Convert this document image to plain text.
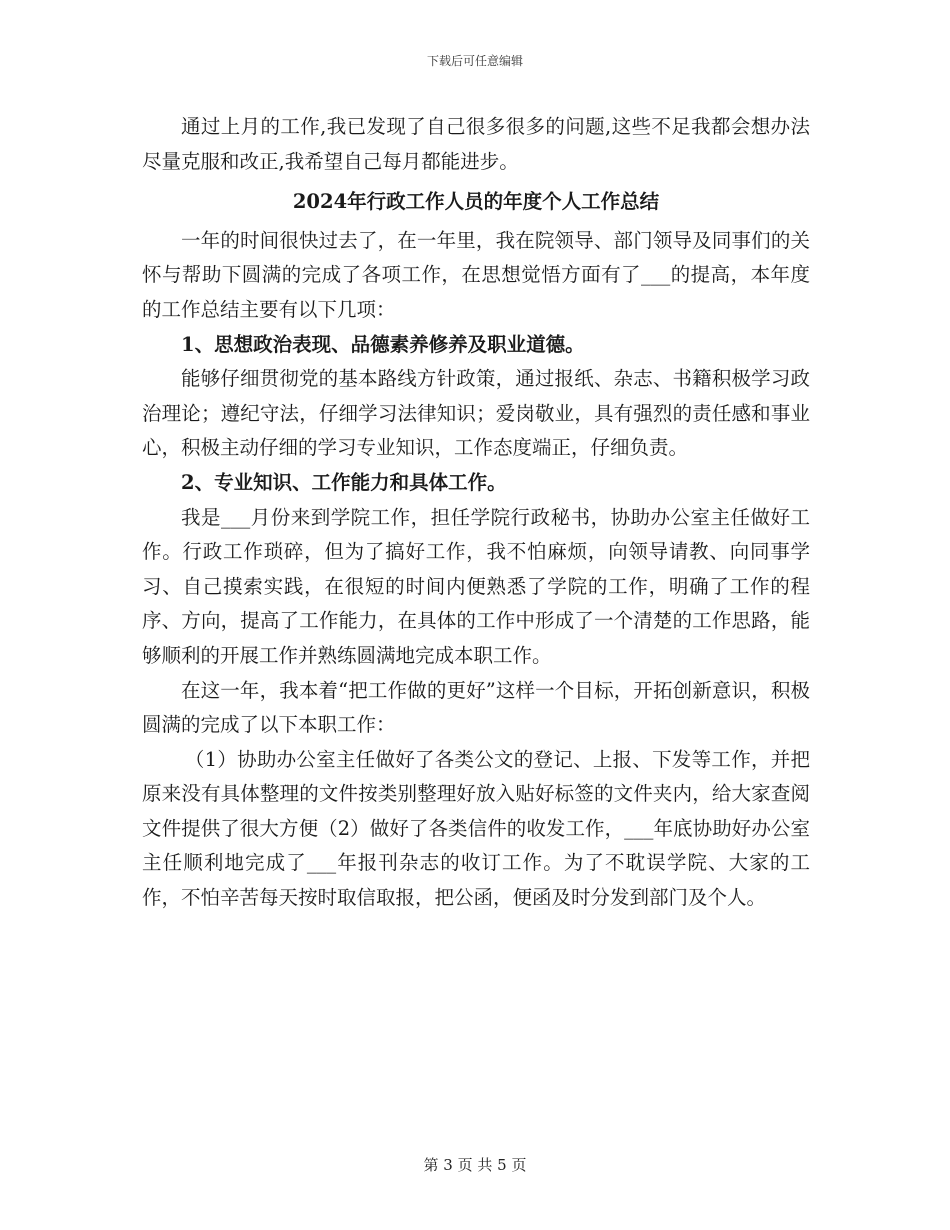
下载后可任意编辑

通过上月的工作,我已发现了自己很多很多的问题,这些不足我都会想办法尽量克服和改正,我希望自己每月都能进步。

2024年行政工作人员的年度个人工作总结

一年的时间很快过去了，在一年里，我在院领导、部门领导及同事们的关怀与帮助下圆满的完成了各项工作，在思想觉悟方面有了___的提高，本年度的工作总结主要有以下几项：

1、思想政治表现、品德素养修养及职业道德。

能够仔细贯彻党的基本路线方针政策，通过报纸、杂志、书籍积极学习政治理论；遵纪守法，仔细学习法律知识；爱岗敬业，具有强烈的责任感和事业心，积极主动仔细的学习专业知识，工作态度端正，仔细负责。

2、专业知识、工作能力和具体工作。

我是___月份来到学院工作，担任学院行政秘书，协助办公室主任做好工作。行政工作琐碎，但为了搞好工作，我不怕麻烦，向领导请教、向同事学习、自己摸索实践，在很短的时间内便熟悉了学院的工作，明确了工作的程序、方向，提高了工作能力，在具体的工作中形成了一个清楚的工作思路，能够顺利的开展工作并熟练圆满地完成本职工作。

在这一年，我本着“把工作做的更好”这样一个目标，开拓创新意识，积极圆满的完成了以下本职工作：

（1）协助办公室主任做好了各类公文的登记、上报、下发等工作，并把原来没有具体整理的文件按类别整理好放入贴好标签的文件夹内，给大家查阅文件提供了很大方便（2）做好了各类信件的收发工作，___年底协助好办公室主任顺利地完成了___年报刊杂志的收订工作。为了不耽误学院、大家的工作，不怕辛苦每天按时取信取报，把公函，便函及时分发到部门及个人。

第 3 页 共 5 页
